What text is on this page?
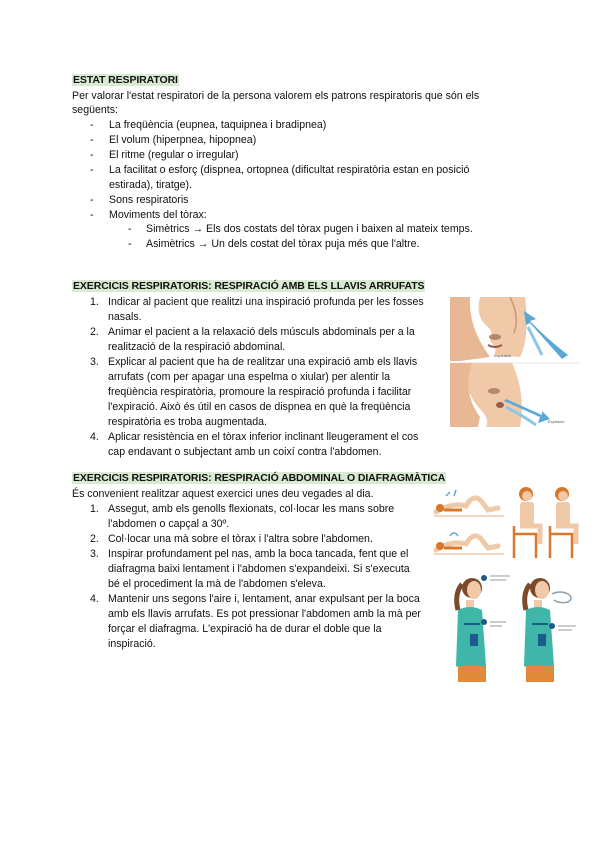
ESTAT RESPIRATORI
Per valorar l'estat respiratori de la persona valorem els patrons respiratoris que són els
següents:
- La freqüència (eupnea, taquipnea i bradipnea)
- El volum (hiperpnea, hipopnea)
- El ritme (regular o irregular)
- La facilitat o esforç (dispnea, ortopnea (dificultat respiratòria estan en posició
estirada), tiratge).
- Sons respiratoris
- Moviments del tòrax:
- Simètrics → Els dos costats del tòrax pugen i baixen al mateix temps.
- Asimètrics → Un dels costat del tòrax puja més que l'altre.
EXERCICIS RESPIRATORIS: RESPIRACIÓ AMB ELS LLAVIS ARRUFATS
1. Indicar al pacient que realitzi una inspiració profunda per les fosses
nasals.
2. Animar el pacient a la relaxació dels músculs abdominals per a la
realització de la respiració abdominal.
3. Explicar al pacient que ha de realitzar una expiració amb els llavis
arrufats (com per apagar una espelma o xiular) per alentir la
freqüència respiratòria, promoure la respiració profunda i facilitar
l'expiració. Això és útil en casos de dispnea en què la freqüència
respiratòria es troba augmentada.
4. Aplicar resistència en el tòrax inferior inclinant lleugerament el cos
cap endavant o subjectant amb un coixí contra l'abdomen.
Inspiració
Expiració
EXERCICIS RESPIRATORIS: RESPIRACIÓ ABDOMINAL O DIAFRAGMÀTICA
És convenient realitzar aquest exercici unes deu vegades al dia.
1. Assegut, amb els genolls flexionats, col·locar les mans sobre
l'abdomen o capçal a 30º.
2. Col·locar una mà sobre el tòrax i l'altra sobre l'abdomen.
3. Inspirar profundament pel nas, amb la boca tancada, fent que el
diafragma baixi lentament i l'abdomen s'expandeixi. Si s'executa
bé el procediment la mà de l'abdomen s'eleva.
4. Mantenir uns segons l'aire i, lentament, anar expulsant per la boca
amb els llavis arrufats. Es pot pressionar l'abdomen amb la mà per
forçar el diafragma. L'expiració ha de durar el doble que la
inspiració.
